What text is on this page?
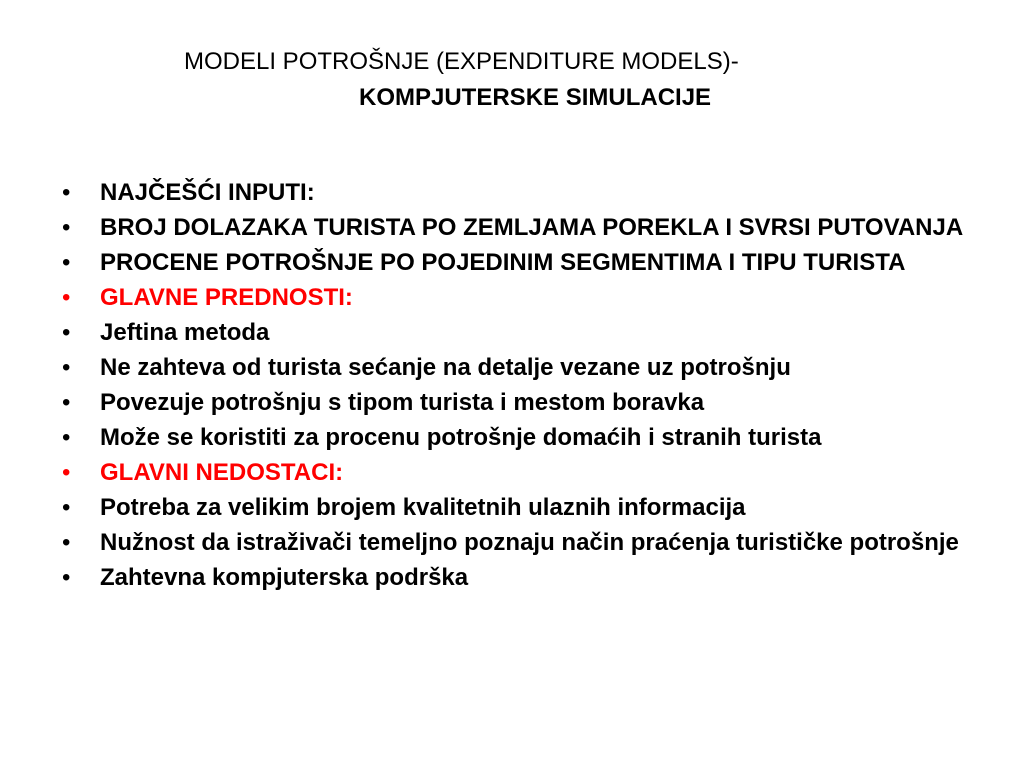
MODELI POTROŠNJE (EXPENDITURE MODELS)-
KOMPJUTERSKE SIMULACIJE
•	NAJČEŠĆI INPUTI:
•	BROJ DOLAZAKA TURISTA PO ZEMLJAMA POREKLA I SVRSI PUTOVANJA
•	PROCENE POTROŠNJE PO POJEDINIM SEGMENTIMA I TIPU TURISTA
•	GLAVNE PREDNOSTI:
•	Jeftina metoda
•	Ne zahteva od turista sećanje na detalje vezane uz potrošnju
•	Povezuje potrošnju s tipom turista i mestom boravka
•	Može se koristiti za procenu potrošnje domaćih i stranih turista
•	GLAVNI NEDOSTACI:
•	Potreba za velikim brojem kvalitetnih ulaznih informacija
•	Nužnost da istraživači temeljno poznaju način praćenja turističke potrošnje
•	Zahtevna kompjuterska podrška
